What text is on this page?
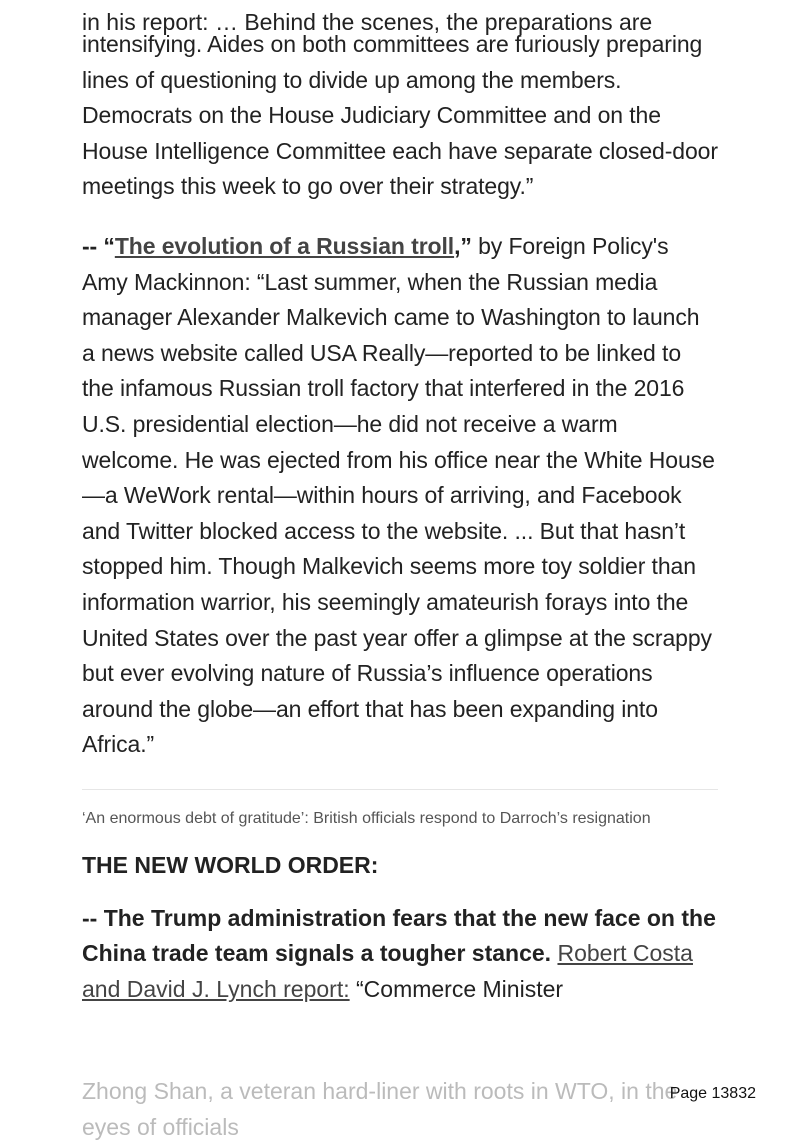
in his report: … Behind the scenes, the preparations are

intensifying. Aides on both committees are furiously preparing lines of questioning to divide up among the members. Democrats on the House Judiciary Committee and on the House Intelligence Committee each have separate closed-door meetings this week to go over their strategy.”

-- “The evolution of a Russian troll,” by Foreign Policy's Amy Mackinnon: “Last summer, when the Russian media manager Alexander Malkevich came to Washington to launch a news website called USA Really—reported to be linked to the infamous Russian troll factory that interfered in the 2016 U.S. presidential election—he did not receive a warm welcome. He was ejected from his office near the White House—a WeWork rental—within hours of arriving, and Facebook and Twitter blocked access to the website. ... But that hasn’t stopped him. Though Malkevich seems more toy soldier than information warrior, his seemingly amateurish forays into the United States over the past year offer a glimpse at the scrappy but ever evolving nature of Russia’s influence operations around the globe—an effort that has been expanding into Africa.”

‘An enormous debt of gratitude’: British officials respond to Darroch’s resignation
THE NEW WORLD ORDER:

-- The Trump administration fears that the new face on the China trade team signals a tougher stance. Robert Costa and David J. Lynch report: “Commerce Minister

Zhong Shan, a veteran hard-liner with roots in WTO, in the eyes of officials
Page 13832
